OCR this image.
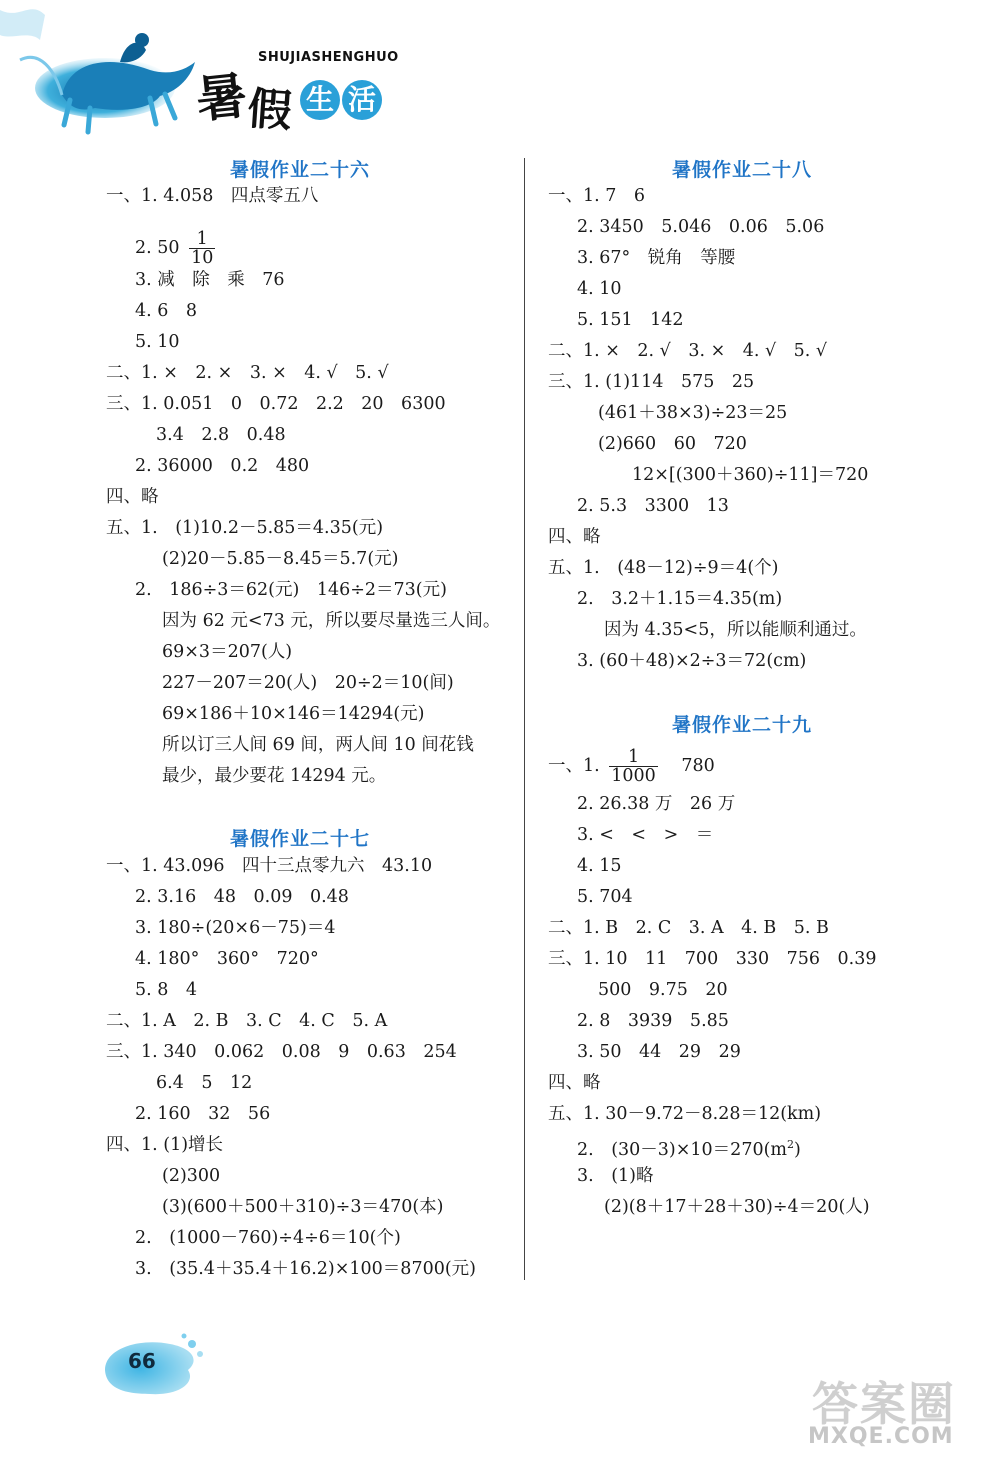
SHUJIASHENGHUO
暑
假 生 活
暑假作业二十六
一、1. 4.058　四点零五八
2. $50 \frac{1}{10}$
3. 减　除　乘　76
4. 6　8
5. 10
二、1. ×　2. ×　3. ×　4. √　5. √
三、1. 0.051　0　0.72　2.2　20　6300
3.4　2.8　0.48
2. 36000　0.2　480
四、略
五、1.　(1)10.2－5.85＝4.35(元)
(2)20－5.85－8.45＝5.7(元)
2.　186÷3＝62(元)　146÷2＝73(元)
因为 62 元<73 元，所以要尽量选三人间。
69×3＝207(人)
227－207＝20(人)　20÷2＝10(间)
69×186＋10×146＝14294(元)
所以订三人间 69 间，两人间 10 间花钱
最少，最少要花 14294 元。
暑假作业二十七
一、1. 43.096　四十三点零九六　43.10
2. 3.16　48　0.09　0.48
3. 180÷(20×6－75)＝4
4. 180°　360°　720°
5. 8　4
二、1. A　2. B　3. C　4. C　5. A
三、1. 340　0.062　0.08　9　0.63　254
6.4　5　12
2. 160　32　56
四、1. (1)增长
(2)300
(3)(600＋500＋310)÷3＝470(本)
2.　(1000－760)÷4÷6＝10(个)
3.　(35.4＋35.4＋16.2)×100＝8700(元)
暑假作业二十八
一、1. 7　6
2. 3450　5.046　0.06　5.06
3. 67°　锐角　等腰
4. 10
5. 151　142
二、1. ×　2. √　3. ×　4. √　5. √
三、1. (1)114　575　25
(461＋38×3)÷23＝25
(2)660　60　720
12×[(300＋360)÷11]＝720
2. 5.3　3300　13
四、略
五、1.　(48－12)÷9＝4(个)
2.　3.2＋1.15＝4.35(m)
因为 4.35<5，所以能顺利通过。
3. (60＋48)×2÷3＝72(cm)
暑假作业二十九
一、1. $\frac{1}{1000} 780$
2. 26.38 万　26 万
3. <　<　>　＝
4. 15
5. 704
二、1. B　2. C　3. A　4. B　5. B
三、1. 10　11　700　330　756　0.39
500　9.75　20
2. 8　3939　5.85
3. 50　44　29　29
四、略
五、1. 30－9.72－8.28＝12(km)
2.　$(30-3)\times 10=270(m^2)$
3.　(1)略
(2)(8＋17＋28＋30)÷4＝20(人)
66
答案圈
MXQE.COM
